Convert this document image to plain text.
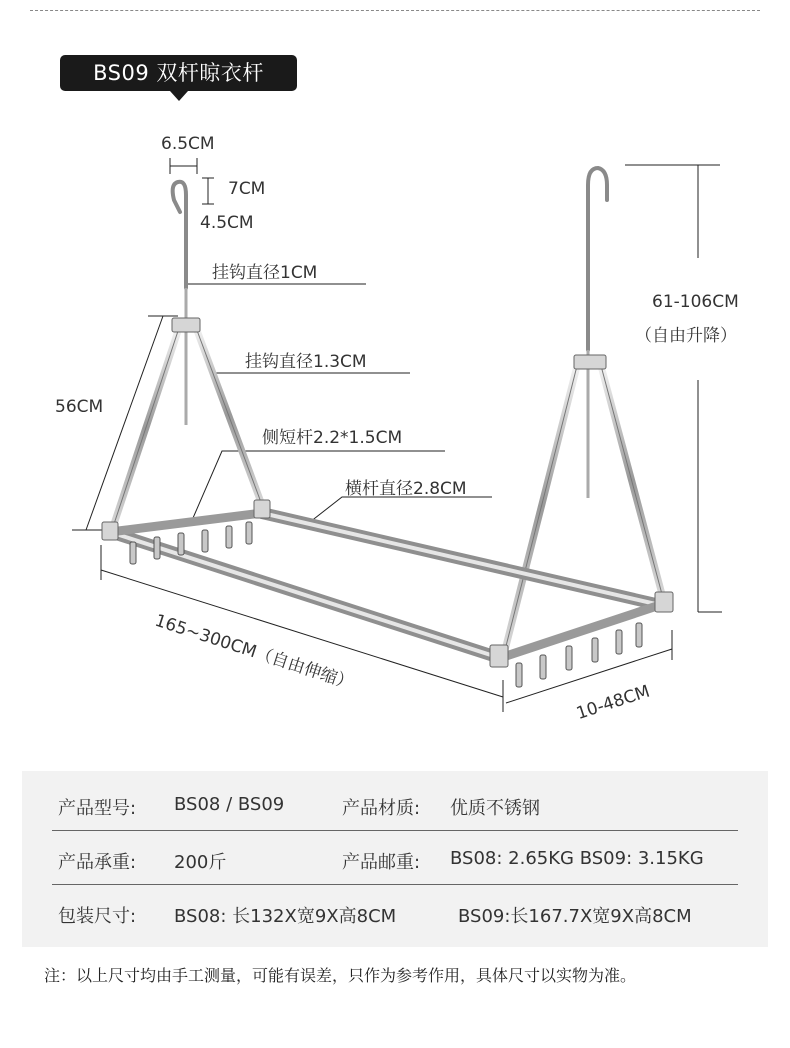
BS09 双杆晾衣杆
6.5CM
7CM
4.5CM
挂钩直径1CM
挂钩直径1.3CM
侧短杆2.2*1.5CM
横杆直径2.8CM
56CM
61-106CM
（自由升降）
165~300CM（自由伸缩）
10-48CM
产品型号: BS08 / BS09	产品材质: 优质不锈钢
产品承重: 200斤	产品邮重: BS08: 2.65KG BS09: 3.15KG
包装尺寸: BS08: 长132X宽9X高8CM	BS09:长167.7X宽9X高8CM
注：以上尺寸均由手工测量，可能有误差，只作为参考作用，具体尺寸以实物为准。
